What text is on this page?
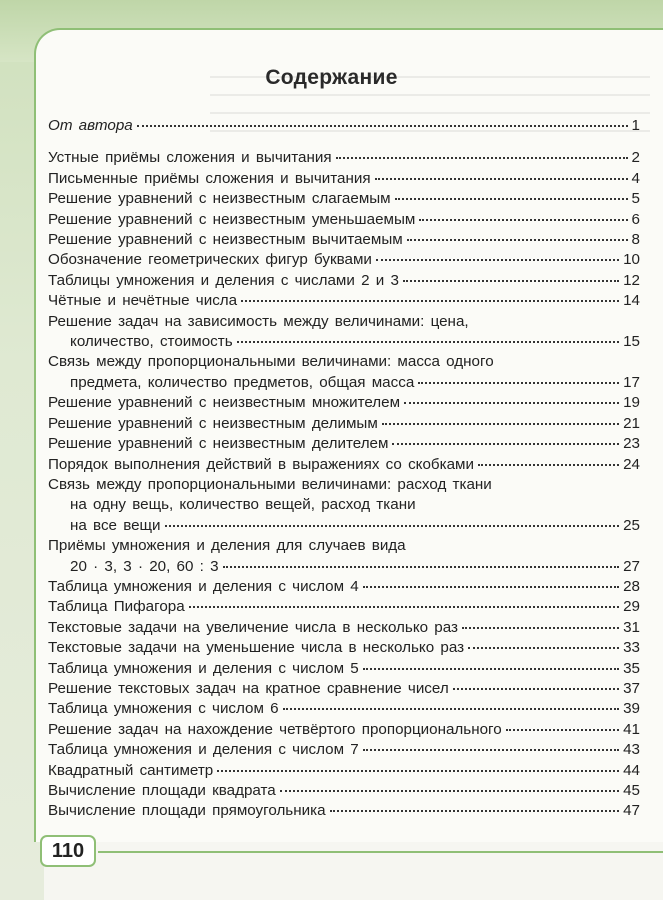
Содержание
От автора	1
Устные приёмы сложения и вычитания	2
Письменные приёмы сложения и вычитания	4
Решение уравнений с неизвестным слагаемым	5
Решение уравнений с неизвестным уменьшаемым	6
Решение уравнений с неизвестным вычитаемым	8
Обозначение геометрических фигур буквами	10
Таблицы умножения и деления с числами 2 и 3	12
Чётные и нечётные числа	14
Решение задач на зависимость между величинами: цена,
количество, стоимость	15
Связь между пропорциональными величинами: масса одного
предмета, количество предметов, общая масса	17
Решение уравнений с неизвестным множителем	19
Решение уравнений с неизвестным делимым	21
Решение уравнений с неизвестным делителем	23
Порядок выполнения действий в выражениях со скобками	24
Связь между пропорциональными величинами: расход ткани
на одну вещь, количество вещей, расход ткани
на все вещи	25
Приёмы умножения и деления для случаев вида
20 · 3, 3 · 20, 60 : 3	27
Таблица умножения и деления с числом 4	28
Таблица Пифагора	29
Текстовые задачи на увеличение числа в несколько раз	31
Текстовые задачи на уменьшение числа в несколько раз	33
Таблица умножения и деления с числом 5	35
Решение текстовых задач на кратное сравнение чисел	37
Таблица умножения с числом 6	39
Решение задач на нахождение четвёртого пропорционального	41
Таблица умножения и деления с числом 7	43
Квадратный сантиметр	44
Вычисление площади квадрата	45
Вычисление площади прямоугольника	47
110
